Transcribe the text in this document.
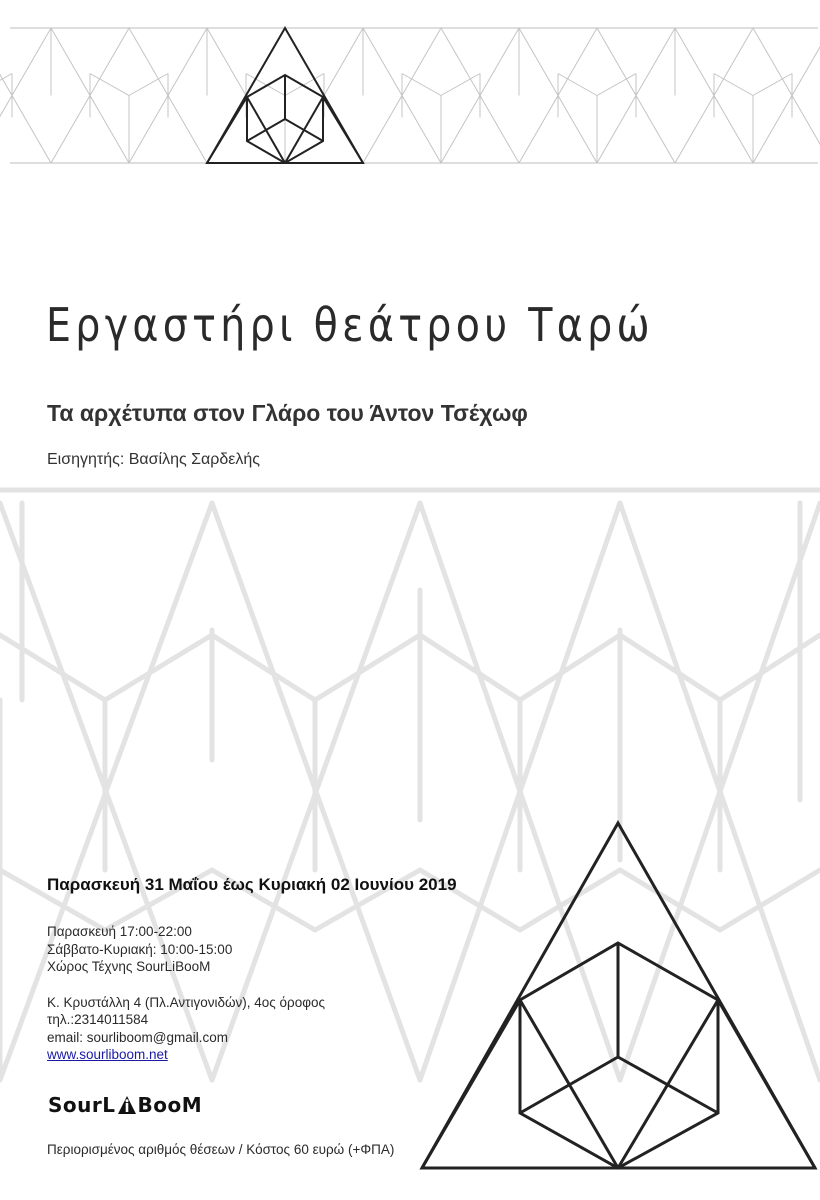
Εργαστήρι θεάτρου Ταρώ
Τα αρχέτυπα στον Γλάρο του Άντον Τσέχωφ
Εισηγητής: Βασίλης Σαρδελής
Παρασκευή 31 Μαΐου έως Κυριακή 02 Ιουνίου 2019
Παρασκευή 17:00-22:00
Σάββατο-Κυριακή: 10:00-15:00
Χώρος Τέχνης SourLiBooM
Κ. Κρυστάλλη 4 (Πλ.Αντιγονιδών), 4ος όροφος
τηλ.:2314011584
email: sourliboom@gmail.com
www.sourliboom.net
SourL BooM
Περιορισμένος αριθμός θέσεων / Κόστος 60 ευρώ (+ΦΠΑ)
